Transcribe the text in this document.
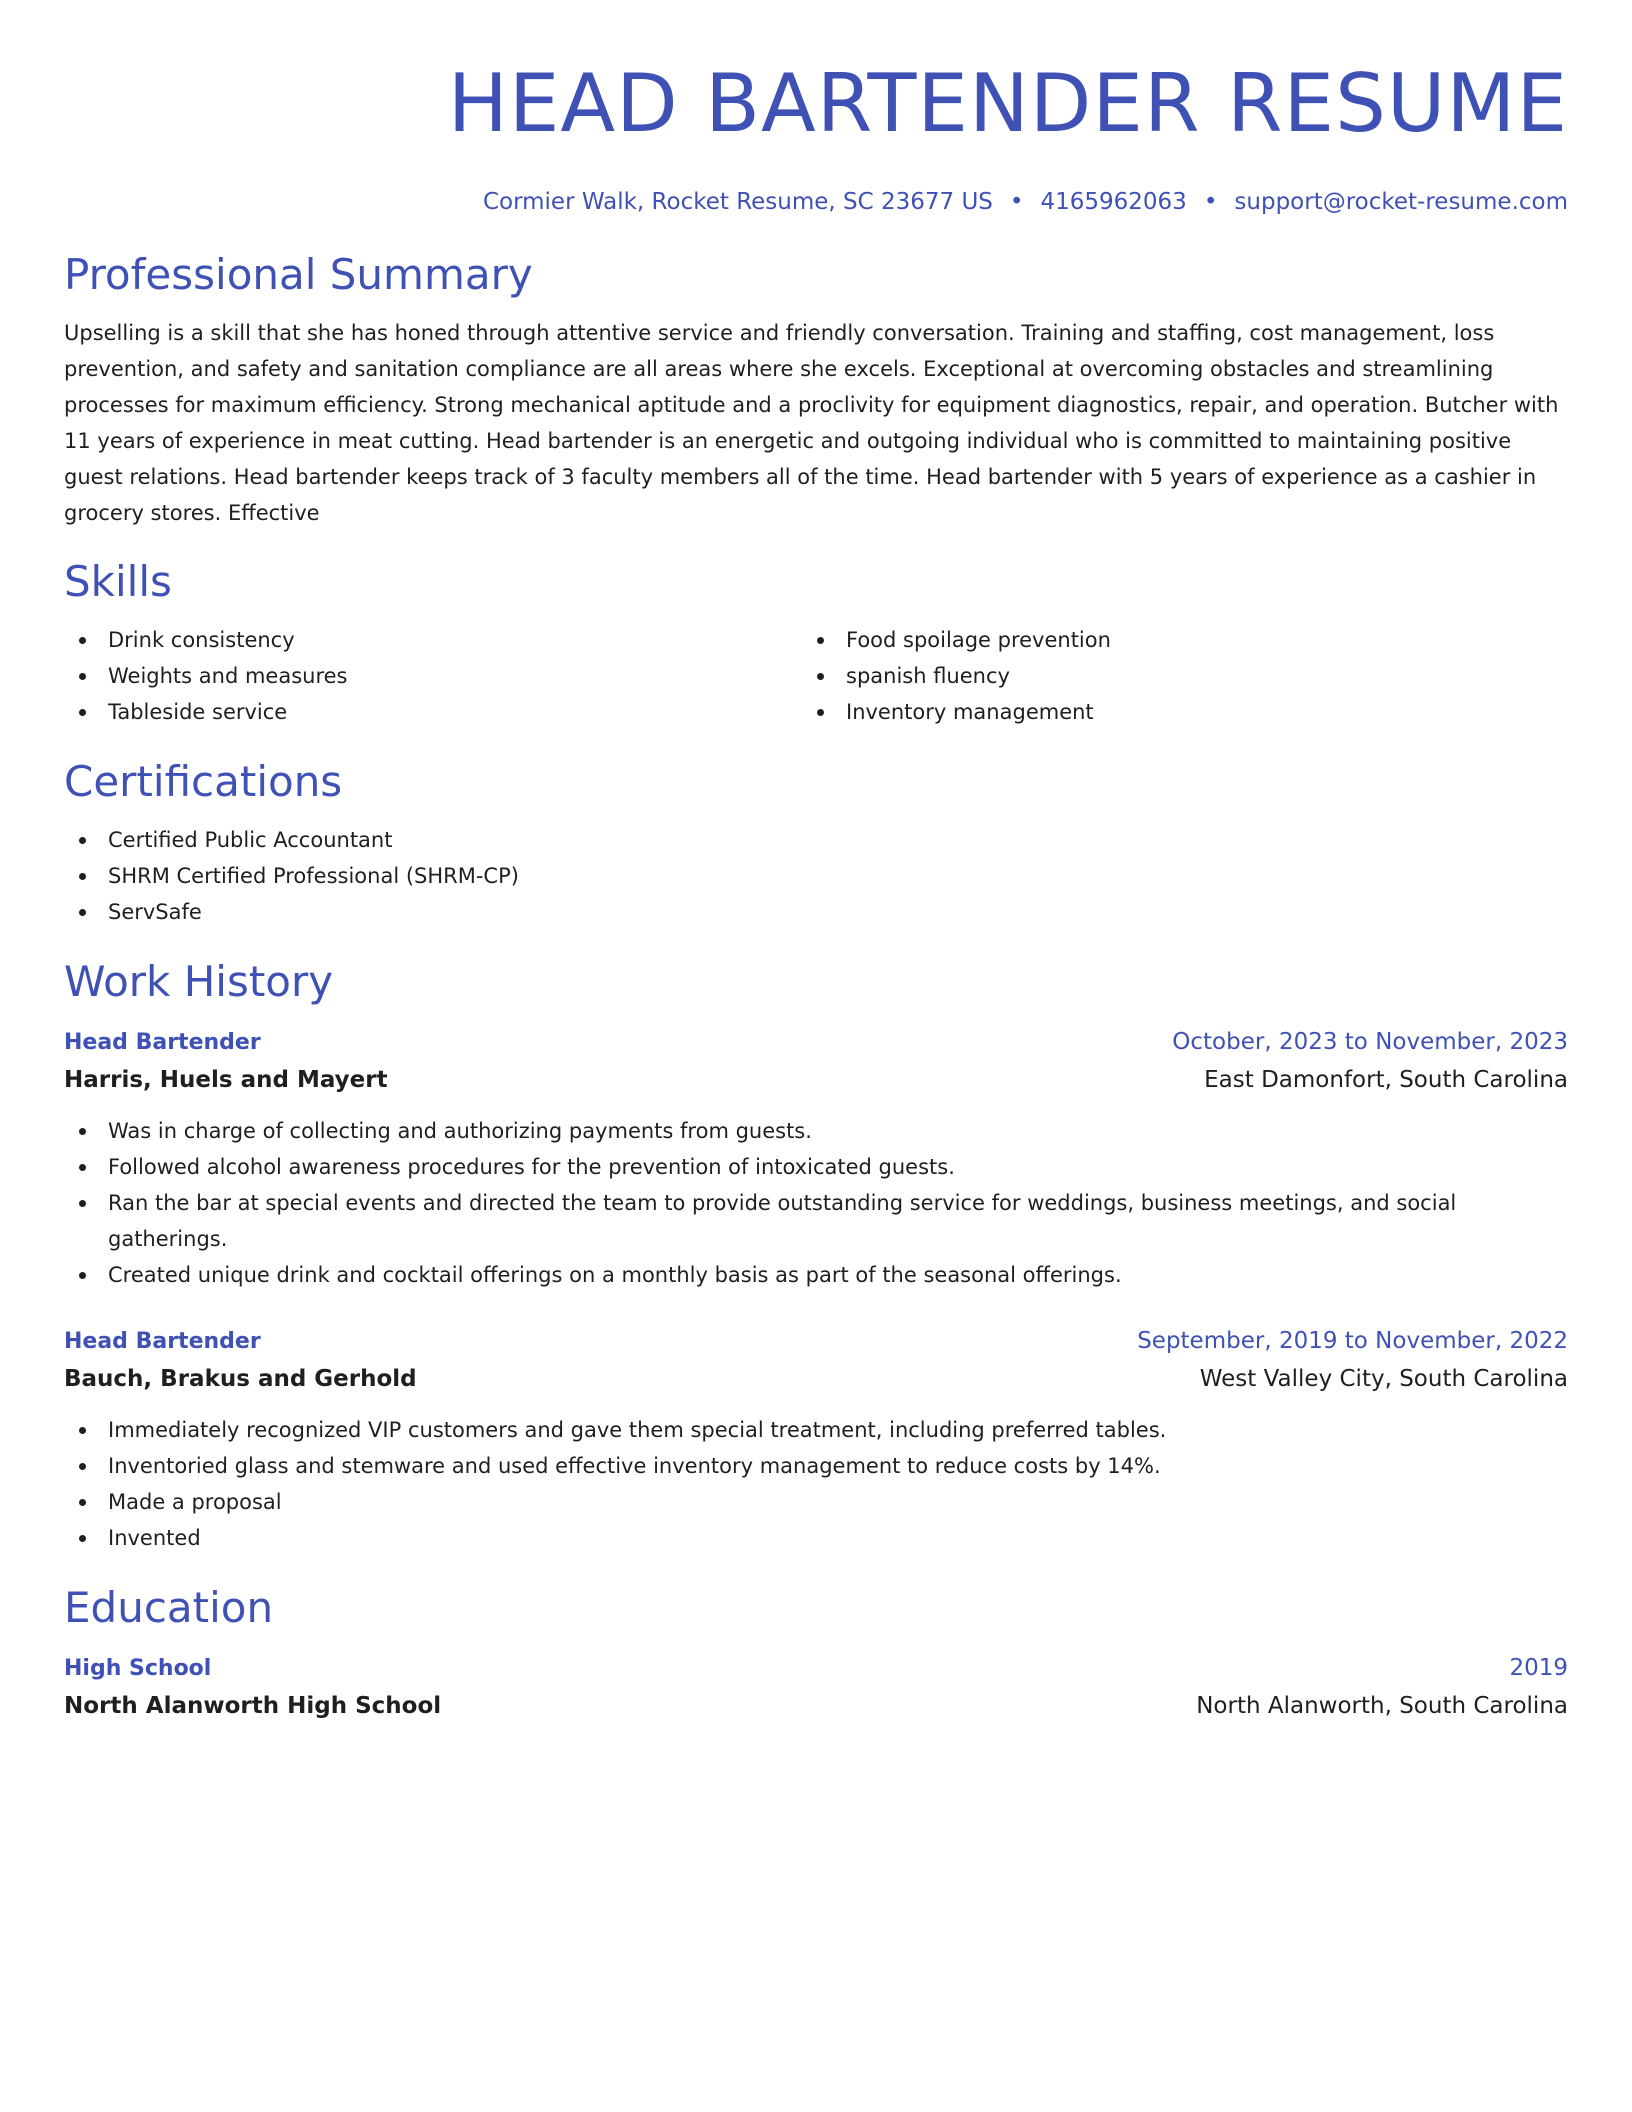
HEAD BARTENDER RESUME
Cormier Walk, Rocket Resume, SC 23677 US • 4165962063 • support@rocket-resume.com
Professional Summary

Upselling is a skill that she has honed through attentive service and friendly conversation. Training and staffing, cost management, loss prevention, and safety and sanitation compliance are all areas where she excels. Exceptional at overcoming obstacles and streamlining processes for maximum efficiency. Strong mechanical aptitude and a proclivity for equipment diagnostics, repair, and operation. Butcher with 11 years of experience in meat cutting. Head bartender is an energetic and outgoing individual who is committed to maintaining positive guest relations. Head bartender keeps track of 3 faculty members all of the time. Head bartender with 5 years of experience as a cashier in grocery stores. Effective

Skills
Drink consistency
Weights and measures
Tableside service
Food spoilage prevention
spanish fluency
Inventory management
Certifications
Certified Public Accountant
SHRM Certified Professional (SHRM-CP)
ServSafe
Work History
Head Bartender	October, 2023 to November, 2023
Harris, Huels and Mayert	East Damonfort, South Carolina
Was in charge of collecting and authorizing payments from guests.
Followed alcohol awareness procedures for the prevention of intoxicated guests.
Ran the bar at special events and directed the team to provide outstanding service for weddings, business meetings, and social gatherings.
Created unique drink and cocktail offerings on a monthly basis as part of the seasonal offerings.
Head Bartender	September, 2019 to November, 2022
Bauch, Brakus and Gerhold	West Valley City, South Carolina
Immediately recognized VIP customers and gave them special treatment, including preferred tables.
Inventoried glass and stemware and used effective inventory management to reduce costs by 14%.
Made a proposal
Invented
Education
High School	2019
North Alanworth High School	North Alanworth, South Carolina
